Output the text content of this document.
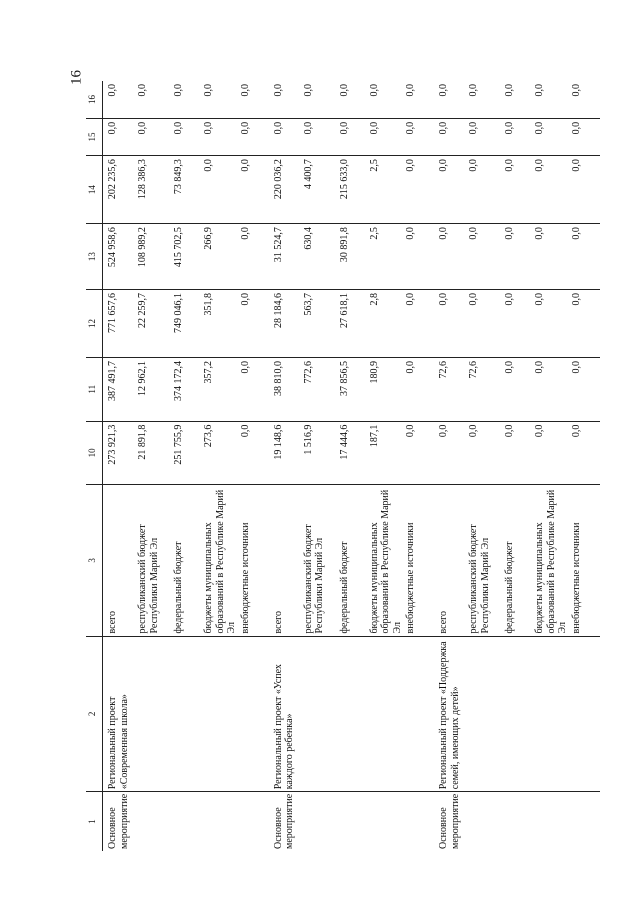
16
1	2	3	10	11	12	13	14	15	16
Основное мероприятие	Региональный проект «Современная школа»	всего	273 921,3	387 491,7	771 657,6	524 958,6	202 235,6	0,0	0,0
		республиканский бюджет Республики Марий Эл	21 891,8	12 962,1	22 259,7	108 989,2	128 386,3	0,0	0,0
		федеральный бюджет	251 755,9	374 172,4	749 046,1	415 702,5	73 849,3	0,0	0,0
		бюджеты муниципальных образований в Республике Марий Эл	273,6	357,2	351,8	266,9	0,0	0,0	0,0
		внебюджетные источники	0,0	0,0	0,0	0,0	0,0	0,0	0,0
Основное мероприятие	Региональный проект «Успех каждого ребенка»	всего	19 148,6	38 810,0	28 184,6	31 524,7	220 036,2	0,0	0,0
		республиканский бюджет Республики Марий Эл	1 516,9	772,6	563,7	630,4	4 400,7	0,0	0,0
		федеральный бюджет	17 444,6	37 856,5	27 618,1	30 891,8	215 633,0	0,0	0,0
		бюджеты муниципальных образований в Республике Марий Эл	187,1	180,9	2,8	2,5	2,5	0,0	0,0
		внебюджетные источники	0,0	0,0	0,0	0,0	0,0	0,0	0,0
Основное мероприятие	Региональный проект «Поддержка семей, имеющих детей»	всего	0,0	72,6	0,0	0,0	0,0	0,0	0,0
		республиканский бюджет Республики Марий Эл	0,0	72,6	0,0	0,0	0,0	0,0	0,0
		федеральный бюджет	0,0	0,0	0,0	0,0	0,0	0,0	0,0
		бюджеты муниципальных образований в Республике Марий Эл	0,0	0,0	0,0	0,0	0,0	0,0	0,0
		внебюджетные источники	0,0	0,0	0,0	0,0	0,0	0,0	0,0
